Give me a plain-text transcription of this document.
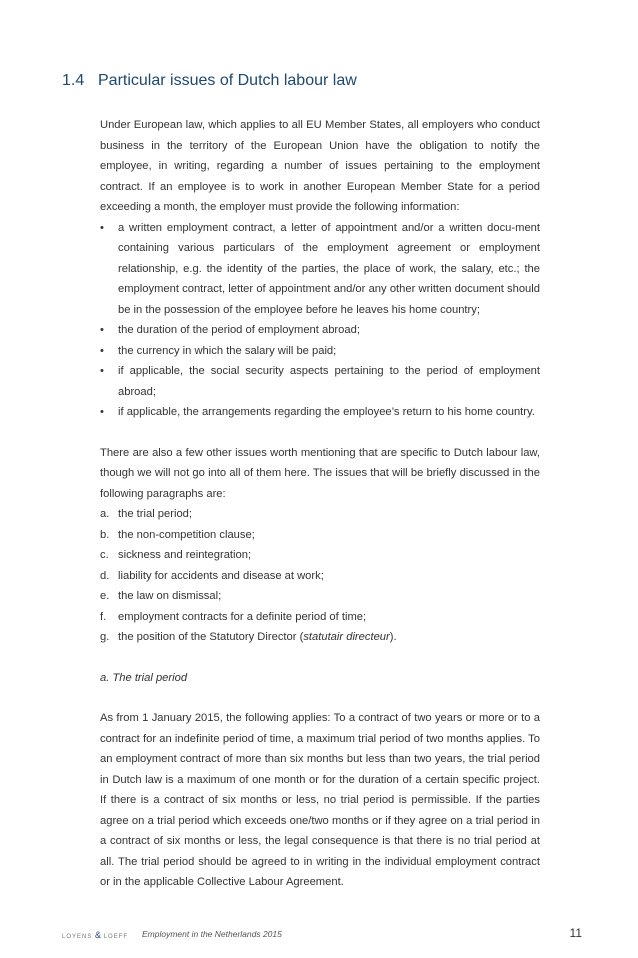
1.4 Particular issues of Dutch labour law

Under European law, which applies to all EU Member States, all employers who conduct business in the territory of the European Union have the obligation to notify the employee, in writing, regarding a number of issues pertaining to the employment contract. If an employee is to work in another European Member State for a period exceeding a month, the employer must provide the following information:

•	a written employment contract, a letter of appointment and/or a written docu-ment containing various particulars of the employment agreement or employment relationship, e.g. the identity of the parties, the place of work, the salary, etc.; the employment contract, letter of appointment and/or any other written document should be in the possession of the employee before he leaves his home country;
•	the duration of the period of employment abroad;
•	the currency in which the salary will be paid;
•	if applicable, the social security aspects pertaining to the period of employment abroad;
•	if applicable, the arrangements regarding the employee’s return to his home country.

There are also a few other issues worth mentioning that are specific to Dutch labour law, though we will not go into all of them here. The issues that will be briefly discussed in the following paragraphs are:

a. the trial period;
b. the non-competition clause;
c. sickness and reintegration;
d. liability for accidents and disease at work;
e. the law on dismissal;
f.	employment contracts for a definite period of time;
g. the position of the Statutory Director (statutair directeur).

a. The trial period

As from 1 January 2015, the following applies: To a contract of two years or more or to a contract for an indefinite period of time, a maximum trial period of two months applies. To an employment contract of more than six months but less than two years, the trial period in Dutch law is a maximum of one month or for the duration of a certain specific project. If there is a contract of six months or less, no trial period is permissible. If the parties agree on a trial period which exceeds one/two months or if they agree on a trial period in a contract of six months or less, the legal consequence is that there is no trial period at all. The trial period should be agreed to in writing in the individual employment contract or in the applicable Collective Labour Agreement.

LOYENS & LOEFF Employment in the Netherlands 2015	11
